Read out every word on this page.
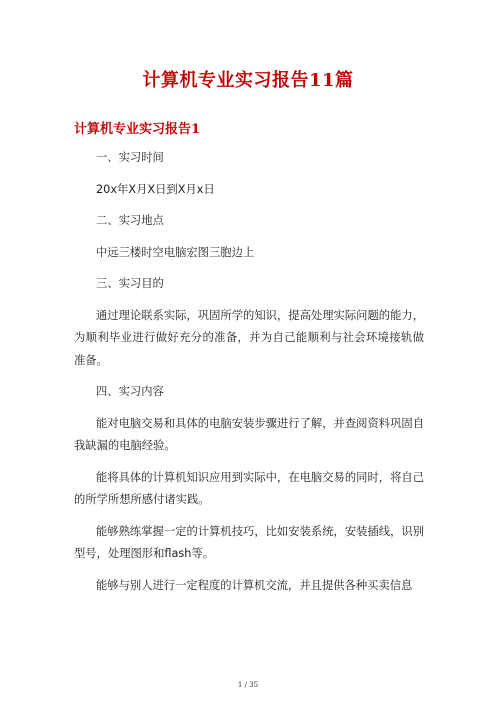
计算机专业实习报告11篇
计算机专业实习报告1

一、实习时间

20x年X月X日到X月x日

二、实习地点

中远三楼时空电脑宏图三胞边上

三、实习目的

通过理论联系实际，巩固所学的知识，提高处理实际问题的能力，为顺利毕业进行做好充分的准备，并为自己能顺利与社会环境接轨做准备。

四、实习内容

能对电脑交易和具体的电脑安装步骤进行了解，并查阅资料巩固自我缺漏的电脑经验。

能将具体的计算机知识应用到实际中，在电脑交易的同时，将自己的所学所想所感付诸实践。

能够熟练掌握一定的计算机技巧，比如安装系统，安装插线，识别型号，处理图形和flash等。

能够与别人进行一定程度的计算机交流，并且提供各种买卖信息

1 / 35
